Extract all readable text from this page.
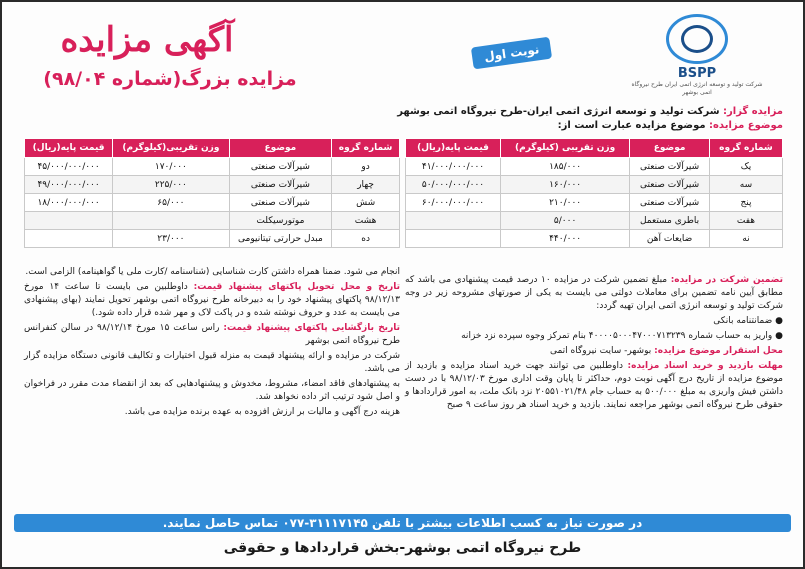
آگهی مزایده
مزایده بزرگ(شماره ۹۸/۰۴)
نوبت اول
BSPP
شرکت تولید و توسعه انرژی اتمی ایران طرح نیروگاه اتمی بوشهر
مزایده گزار: شرکت تولید و توسعه انرژی اتمی ایران-طرح نیروگاه اتمی بوشهر
موضوع مزایده: موضوع مزایده عبارت است از:
شماره گروه	موضوع	وزن تقریبی (کیلوگرم)	قیمت پایه(ریال)
یک	شیرآلات صنعتی	۱۸۵/۰۰۰	۴۱/۰۰۰/۰۰۰/۰۰۰
سه	شیرآلات صنعتی	۱۶۰/۰۰۰	۵۰/۰۰۰/۰۰۰/۰۰۰
پنج	شیرآلات صنعتی	۲۱۰/۰۰۰	۶۰/۰۰۰/۰۰۰/۰۰۰
هفت	باطری مستعمل	۵/۰۰۰	
نه	ضایعات آهن	۴۴۰/۰۰۰	
شماره گروه	موضوع	وزن تقریبی(کیلوگرم)	قیمت پایه(ریال)
دو	شیرآلات صنعتی	۱۷۰/۰۰۰	۴۵/۰۰۰/۰۰۰/۰۰۰
چهار	شیرآلات صنعتی	۲۲۵/۰۰۰	۴۹/۰۰۰/۰۰۰/۰۰۰
شش	شیرآلات صنعتی	۶۵/۰۰۰	۱۸/۰۰۰/۰۰۰/۰۰۰
هشت	موتورسیکلت		
ده	مبدل حرارتی تیتانیومی	۲۳/۰۰۰	

تضمین شرکت در مزایده: مبلغ تضمین شرکت در مزایده ۱۰ درصد قیمت پیشنهادی می باشد که مطابق آیین نامه تضمین برای معاملات دولتی می بایست به یکی از صورتهای مشروحه زیر در وجه شرکت تولید و توسعه انرژی اتمی ایران تهیه گردد:

● ضمانتنامه بانکی

● واریز به حساب شماره ۴۰۰۰۰۵۰۰۰۴۷۰۰۰۷۱۳۲۳۹ بنام تمرکز وجوه سپرده نزد خزانه

محل استقرار موضوع مزایده: بوشهر- سایت نیروگاه اتمی

مهلت بازدید و خرید اسناد مزایده: داوطلبین می توانند جهت خرید اسناد مزایده و بازدید از موضوع مزایده از تاریخ درج آگهی نوبت دوم، حداکثر تا پایان وقت اداری مورخ ۹۸/۱۲/۰۳ با در دست داشتن فیش واریزی به مبلغ ۵۰۰/۰۰۰ به حساب جام ۲۰۵۵۱۰۲۱/۴۸ نزد بانک ملت، به امور قراردادها و حقوقی طرح نیروگاه اتمی بوشهر مراجعه نمایند. بازدید و خرید اسناد هر روز ساعت ۹ صبح

انجام می شود. ضمنا همراه داشتن کارت شناسایی (شناسنامه /کارت ملی یا گواهینامه) الزامی است.

تاریخ و محل تحویل پاکتهای پیشنهاد قیمت: داوطلبین می بایست تا ساعت ۱۴ مورخ ۹۸/۱۲/۱۳ پاکتهای پیشنهاد خود را به دبیرخانه طرح نیروگاه اتمی بوشهر تحویل نمایند (بهای پیشنهادی می بایست به عدد و حروف نوشته شده و در پاکت لاک و مهر شده قرار داده شود.)

تاریخ بازگشایی پاکتهای پیشنهاد قیمت: راس ساعت ۱۵ مورخ ۹۸/۱۲/۱۴ در سالن کنفرانس طرح نیروگاه اتمی بوشهر

شرکت در مزایده و ارائه پیشنهاد قیمت به منزله قبول اختیارات و تکالیف قانونی دستگاه مزایده گزار می باشد.

به پیشنهادهای فاقد امضاء، مشروط، مخدوش و پیشنهادهایی که بعد از انقضاء مدت مقرر در فراخوان و اصل شود ترتیب اثر داده نخواهد شد.

هزینه درج آگهی و مالیات بر ارزش افزوده به عهده برنده مزایده می باشد.

در صورت نیاز به کسب اطلاعات بیشتر با تلفن ۳۱۱۱۷۱۴۵-۰۷۷ تماس حاصل نمایند.
طرح نیروگاه اتمی بوشهر-بخش قراردادها و حقوقی
